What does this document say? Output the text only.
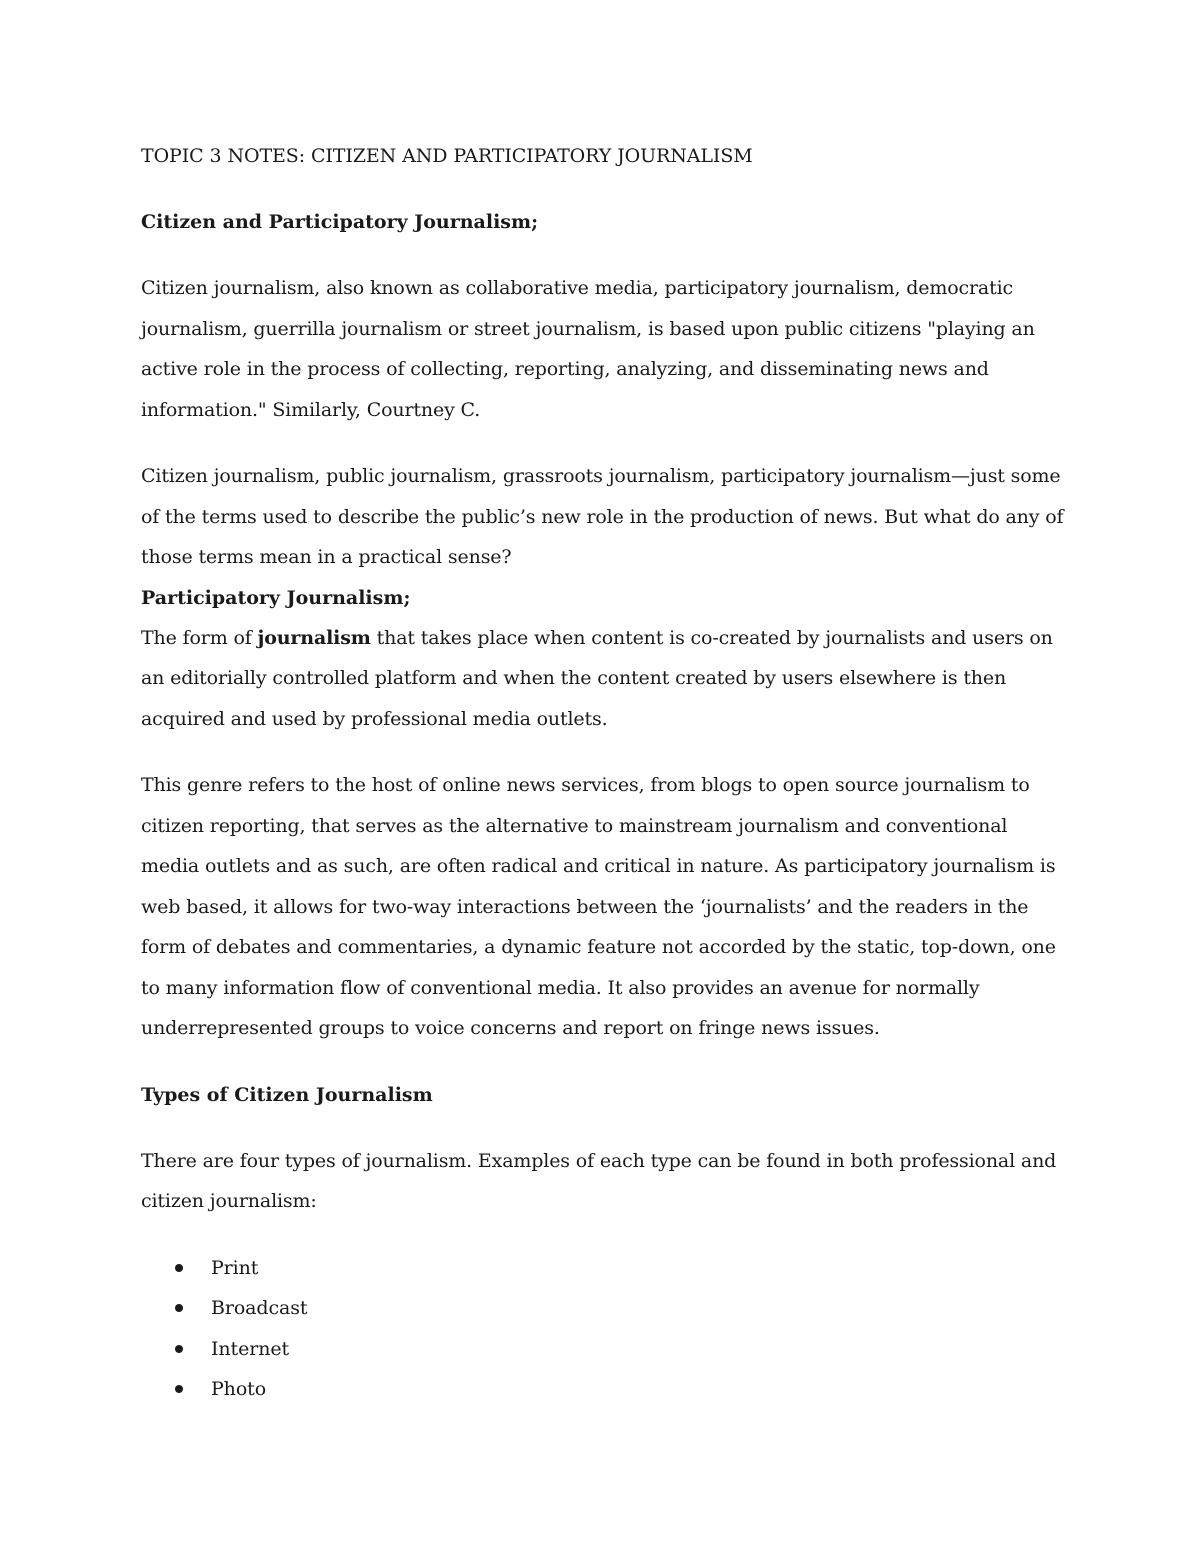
TOPIC 3 NOTES: CITIZEN AND PARTICIPATORY JOURNALISM
Citizen and Participatory Journalism;

Citizen journalism, also known as collaborative media, participatory journalism, democratic journalism, guerrilla journalism or street journalism, is based upon public citizens "playing an active role in the process of collecting, reporting, analyzing, and disseminating news and information." Similarly, Courtney C.

Citizen journalism, public journalism, grassroots journalism, participatory journalism—just some of the terms used to describe the public’s new role in the production of news. But what do any of those terms mean in a practical sense?

Participatory Journalism;

The form of journalism that takes place when content is co-created by journalists and users on an editorially controlled platform and when the content created by users elsewhere is then acquired and used by professional media outlets.

This genre refers to the host of online news services, from blogs to open source journalism to citizen reporting, that serves as the alternative to mainstream journalism and conventional media outlets and as such, are often radical and critical in nature. As participatory journalism is web based, it allows for two-way interactions between the ‘journalists’ and the readers in the form of debates and commentaries, a dynamic feature not accorded by the static, top-down, one to many information flow of conventional media. It also provides an avenue for normally underrepresented groups to voice concerns and report on fringe news issues.

Types of Citizen Journalism

There are four types of journalism. Examples of each type can be found in both professional and citizen journalism:

Print
Broadcast
Internet
Photo
